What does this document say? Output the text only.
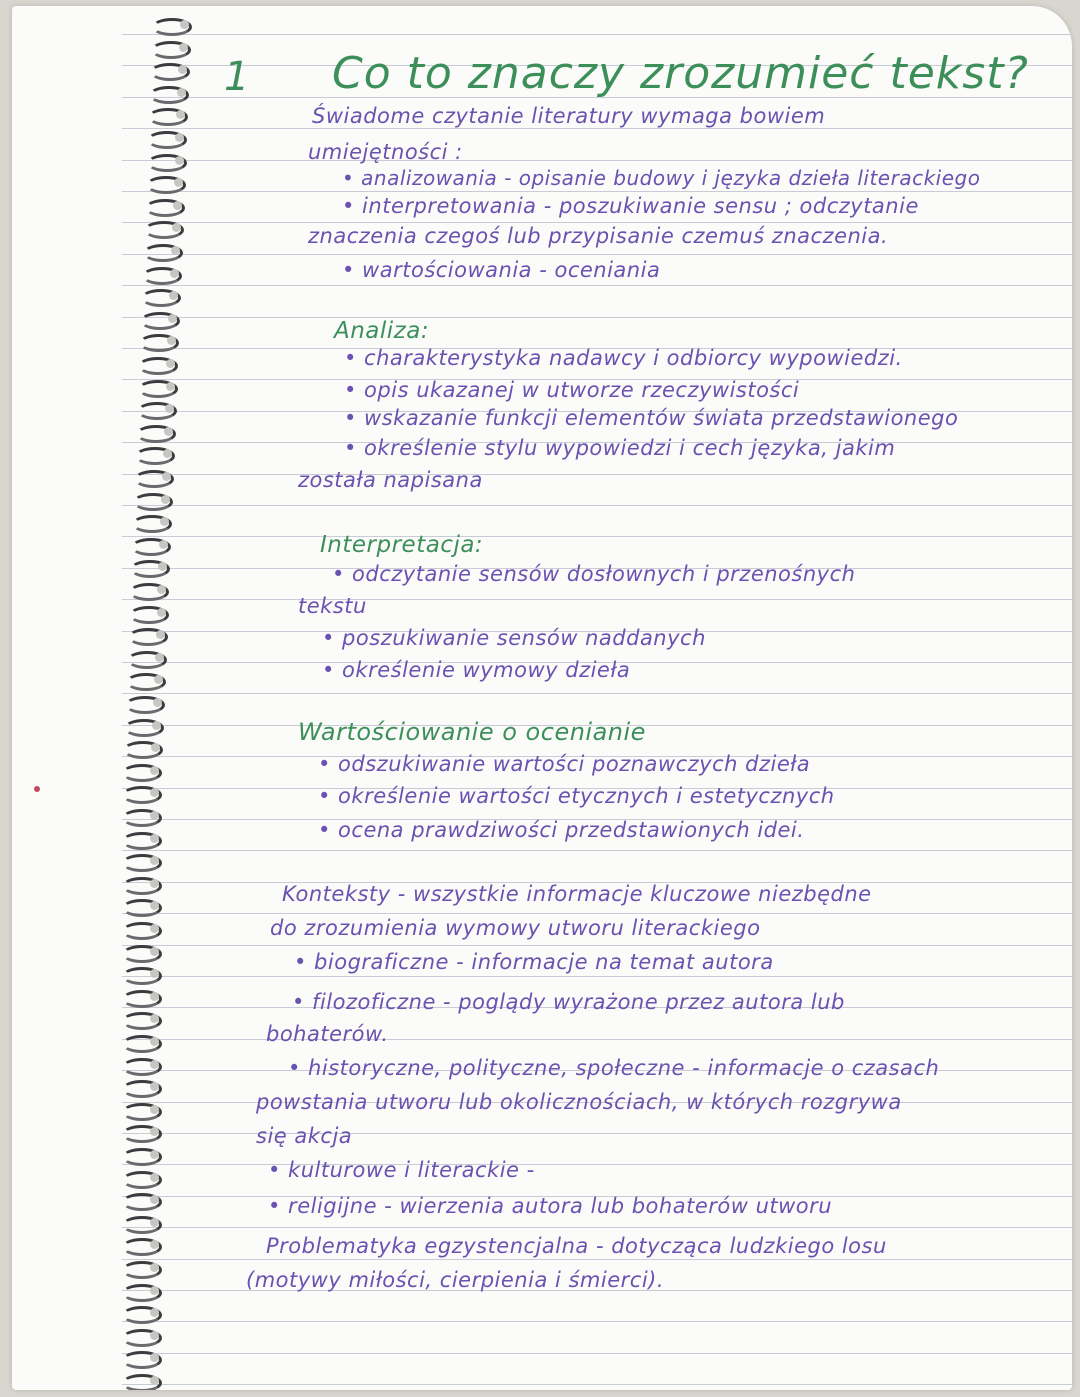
1 Co to znaczy zrozumieć tekst?
Świadome czytanie literatury wymaga bowiem
umiejętności :
• analizowania - opisanie budowy i języka dzieła literackiego
• interpretowania - poszukiwanie sensu ; odczytanie
znaczenia czegoś lub przypisanie czemuś znaczenia.
• wartościowania - oceniania
Analiza:
• charakterystyka nadawcy i odbiorcy wypowiedzi.
• opis ukazanej w utworze rzeczywistości
• wskazanie funkcji elementów świata przedstawionego
• określenie stylu wypowiedzi i cech języka, jakim
została napisana
Interpretacja:
• odczytanie sensów dosłownych i przenośnych
tekstu
• poszukiwanie sensów naddanych
• określenie wymowy dzieła
Wartościowanie o ocenianie
• odszukiwanie wartości poznawczych dzieła
• określenie wartości etycznych i estetycznych
• ocena prawdziwości przedstawionych idei.
Konteksty - wszystkie informacje kluczowe niezbędne
do zrozumienia wymowy utworu literackiego
• biograficzne - informacje na temat autora
• filozoficzne - poglądy wyrażone przez autora lub
bohaterów.
• historyczne, polityczne, społeczne - informacje o czasach
powstania utworu lub okolicznościach, w których rozgrywa
się akcja
• kulturowe i literackie -
• religijne - wierzenia autora lub bohaterów utworu
Problematyka egzystencjalna - dotycząca ludzkiego losu
(motywy miłości, cierpienia i śmierci).
